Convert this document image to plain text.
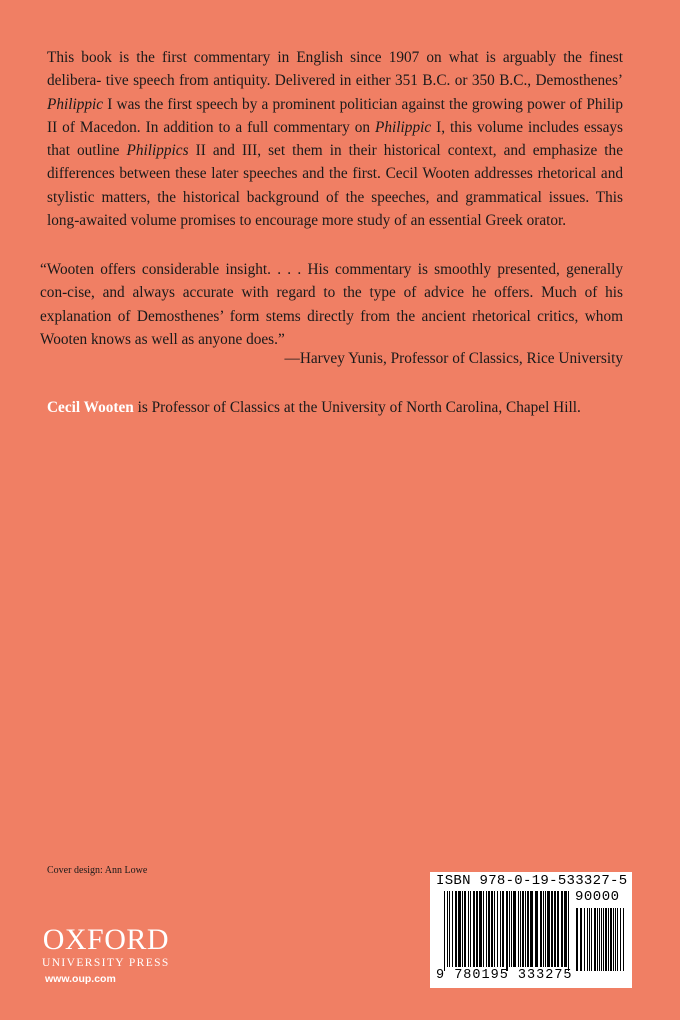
This book is the first commentary in English since 1907 on what is arguably the finest delibera- tive speech from antiquity. Delivered in either 351 B.C. or 350 B.C., Demosthenes’ Philippic I was the first speech by a prominent politician against the growing power of Philip II of Macedon. In addition to a full commentary on Philippic I, this volume includes essays that outline Philippics II and III, set them in their historical context, and emphasize the differences between these later speeches and the first. Cecil Wooten addresses rhetorical and stylistic matters, the historical background of the speeches, and grammatical issues. This long-awaited volume promises to encourage more study of an essential Greek orator.

“Wooten offers considerable insight. . . . His commentary is smoothly presented, generally con-cise, and always accurate with regard to the type of advice he offers. Much of his explanation of Demosthenes’ form stems directly from the ancient rhetorical critics, whom Wooten knows as well as anyone does.”

—Harvey Yunis, Professor of Classics, Rice University

Cecil Wooten is Professor of Classics at the University of North Carolina, Chapel Hill.

Cover design: Ann Lowe

OXFORD
UNIVERSITY PRESS
www.oup.com
ISBN 978-0-19-533327-5
90000
9 780195 333275
